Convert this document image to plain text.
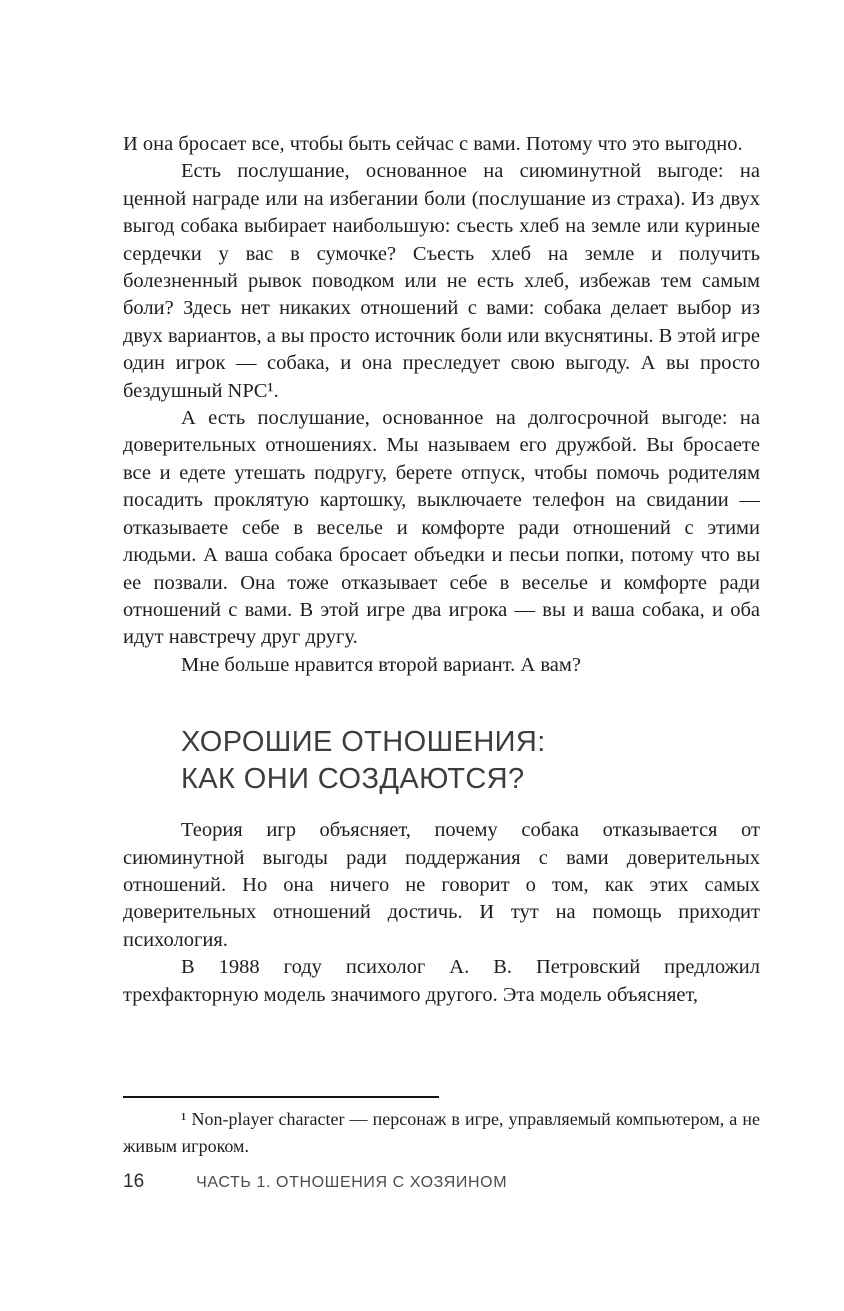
И она бросает все, чтобы быть сейчас с вами. Потому что это выгодно.

Есть послушание, основанное на сиюминутной выгоде: на ценной награде или на избегании боли (послушание из страха). Из двух выгод собака выбирает наибольшую: съесть хлеб на земле или куриные сердечки у вас в сумочке? Съесть хлеб на земле и получить болезненный рывок поводком или не есть хлеб, избежав тем самым боли? Здесь нет никаких отношений с вами: собака делает выбор из двух вариантов, а вы просто источник боли или вкуснятины. В этой игре один игрок — собака, и она преследует свою выгоду. А вы просто бездушный NPC¹.

А есть послушание, основанное на долгосрочной выгоде: на доверительных отношениях. Мы называем его дружбой. Вы бросаете все и едете утешать подругу, берете отпуск, чтобы помочь родителям посадить проклятую картошку, выключаете телефон на свидании — отказываете себе в веселье и комфорте ради отношений с этими людьми. А ваша собака бросает объедки и песьи попки, потому что вы ее позвали. Она тоже отказывает себе в веселье и комфорте ради отношений с вами. В этой игре два игрока — вы и ваша собака, и оба идут навстречу друг другу.

Мне больше нравится второй вариант. А вам?

ХОРОШИЕ ОТНОШЕНИЯ:
КАК ОНИ СОЗДАЮТСЯ?

Теория игр объясняет, почему собака отказывается от сиюминутной выгоды ради поддержания с вами доверительных отношений. Но она ничего не говорит о том, как этих самых доверительных отношений достичь. И тут на помощь приходит психология.

В 1988 году психолог А. В. Петровский предложил трехфакторную модель значимого другого. Эта модель объясняет,

¹ Non-player character — персонаж в игре, управляемый компьютером, а не живым игроком.

16	ЧАСТЬ 1. ОТНОШЕНИЯ С ХОЗЯИНОМ
